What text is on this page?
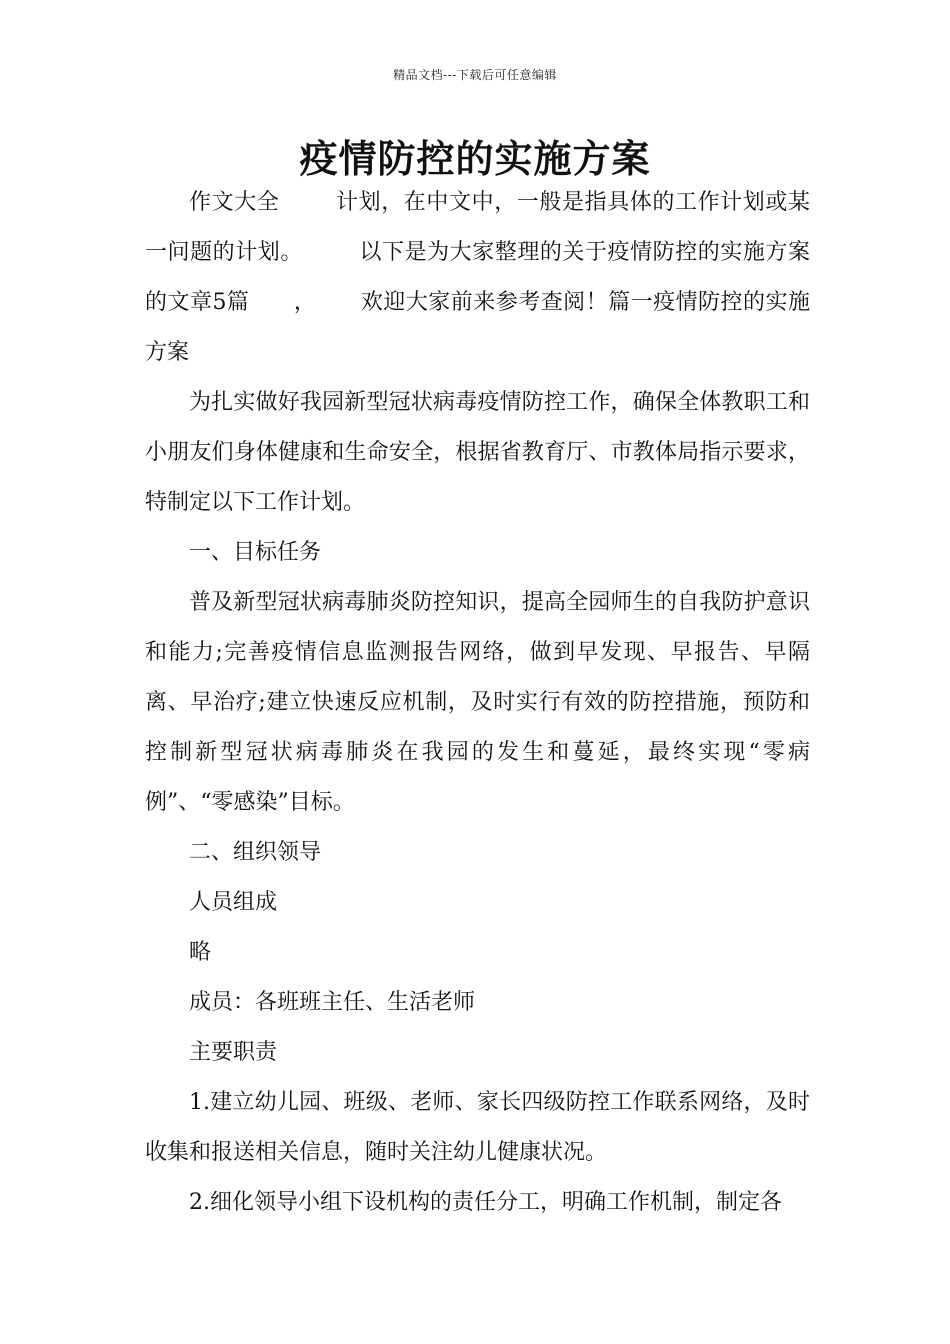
精品文档---下载后可任意编辑
疫情防控的实施方案

作文大全	计划，在中文中，一般是指具体的工作计划或某一问题的计划。	以下是为大家整理的关于疫情防控的实施方案的文章5篇 ， 欢迎大家前来参考查阅！篇一疫情防控的实施方案

为扎实做好我园新型冠状病毒疫情防控工作，确保全体教职工和小朋友们身体健康和生命安全，根据省教育厅、市教体局指示要求，特制定以下工作计划。

一、目标任务

普及新型冠状病毒肺炎防控知识，提高全园师生的自我防护意识和能力;完善疫情信息监测报告网络，做到早发现、早报告、早隔离、早治疗;建立快速反应机制，及时实行有效的防控措施，预防和控制新型冠状病毒肺炎在我园的发生和蔓延，最终实现“零病例”、“零感染”目标。

二、组织领导

人员组成

略

成员：各班班主任、生活老师

主要职责

1.建立幼儿园、班级、老师、家长四级防控工作联系网络，及时收集和报送相关信息，随时关注幼儿健康状况。

2.细化领导小组下设机构的责任分工，明确工作机制，制定各
